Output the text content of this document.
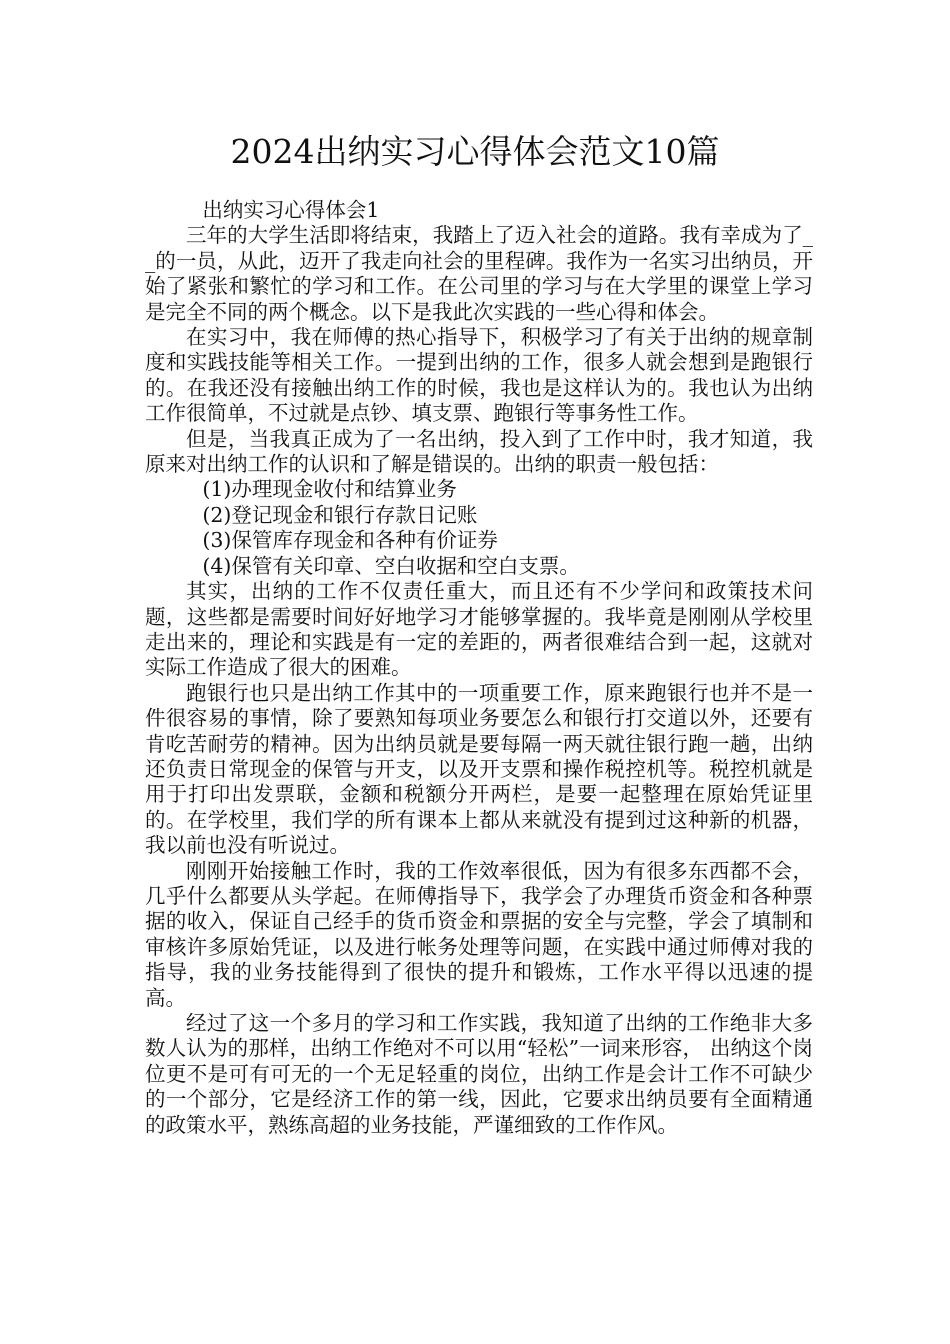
2024出纳实习心得体会范文10篇

出纳实习心得体会1

三年的大学生活即将结束，我踏上了迈入社会的道路。我有幸成为了__的一员，从此，迈开了我走向社会的里程碑。我作为一名实习出纳员，开始了紧张和繁忙的学习和工作。在公司里的学习与在大学里的课堂上学习是完全不同的两个概念。以下是我此次实践的一些心得和体会。

在实习中，我在师傅的热心指导下，积极学习了有关于出纳的规章制度和实践技能等相关工作。一提到出纳的工作，很多人就会想到是跑银行的。在我还没有接触出纳工作的时候，我也是这样认为的。我也认为出纳工作很简单，不过就是点钞、填支票、跑银行等事务性工作。

但是，当我真正成为了一名出纳，投入到了工作中时，我才知道，我原来对出纳工作的认识和了解是错误的。出纳的职责一般包括：

(1)办理现金收付和结算业务

(2)登记现金和银行存款日记账

(3)保管库存现金和各种有价证券

(4)保管有关印章、空白收据和空白支票。

其实，出纳的工作不仅责任重大，而且还有不少学问和政策技术问题，这些都是需要时间好好地学习才能够掌握的。我毕竟是刚刚从学校里走出来的，理论和实践是有一定的差距的，两者很难结合到一起，这就对实际工作造成了很大的困难。

跑银行也只是出纳工作其中的一项重要工作，原来跑银行也并不是一件很容易的事情，除了要熟知每项业务要怎么和银行打交道以外，还要有肯吃苦耐劳的精神。因为出纳员就是要每隔一两天就往银行跑一趟，出纳还负责日常现金的保管与开支，以及开支票和操作税控机等。税控机就是用于打印出发票联，金额和税额分开两栏，是要一起整理在原始凭证里的。在学校里，我们学的所有课本上都从来就没有提到过这种新的机器，我以前也没有听说过。

刚刚开始接触工作时，我的工作效率很低，因为有很多东西都不会，几乎什么都要从头学起。在师傅指导下，我学会了办理货币资金和各种票据的收入，保证自己经手的货币资金和票据的安全与完整，学会了填制和审核许多原始凭证，以及进行帐务处理等问题，在实践中通过师傅对我的指导，我的业务技能得到了很快的提升和锻炼，工作水平得以迅速的提高。

经过了这一个多月的学习和工作实践，我知道了出纳的工作绝非大多数人认为的那样，出纳工作绝对不可以用“轻松”一词来形容， 出纳这个岗位更不是可有可无的一个无足轻重的岗位，出纳工作是会计工作不可缺少的一个部分，它是经济工作的第一线，因此，它要求出纳员要有全面精通的政策水平，熟练高超的业务技能，严谨细致的工作作风。
